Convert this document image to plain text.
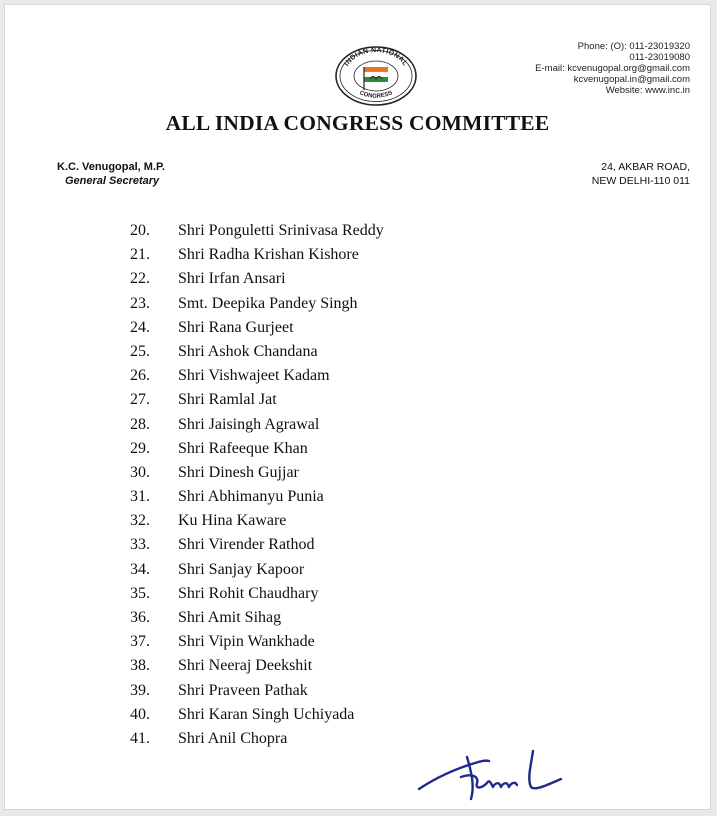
Phone: (O): 011-23019320
011-23019080
E-mail: kcvenugopal.org@gmail.com
kcvenugopal.in@gmail.com
Website: www.inc.in
INDIAN NATIONAL
CONGRESS
ALL INDIA CONGRESS COMMITTEE
K.C. Venugopal, M.P.
General Secretary
24, AKBAR ROAD,
NEW DELHI-110 011
20. Shri Ponguletti Srinivasa Reddy
21. Shri Radha Krishan Kishore
22. Shri Irfan Ansari
23. Smt. Deepika Pandey Singh
24. Shri Rana Gurjeet
25. Shri Ashok Chandana
26. Shri Vishwajeet Kadam
27. Shri Ramlal Jat
28. Shri Jaisingh Agrawal
29. Shri Rafeeque Khan
30. Shri Dinesh Gujjar
31. Shri Abhimanyu Punia
32. Ku Hina Kaware
33. Shri Virender Rathod
34. Shri Sanjay Kapoor
35. Shri Rohit Chaudhary
36. Shri Amit Sihag
37. Shri Vipin Wankhade
38. Shri Neeraj Deekshit
39. Shri Praveen Pathak
40. Shri Karan Singh Uchiyada
41. Shri Anil Chopra
